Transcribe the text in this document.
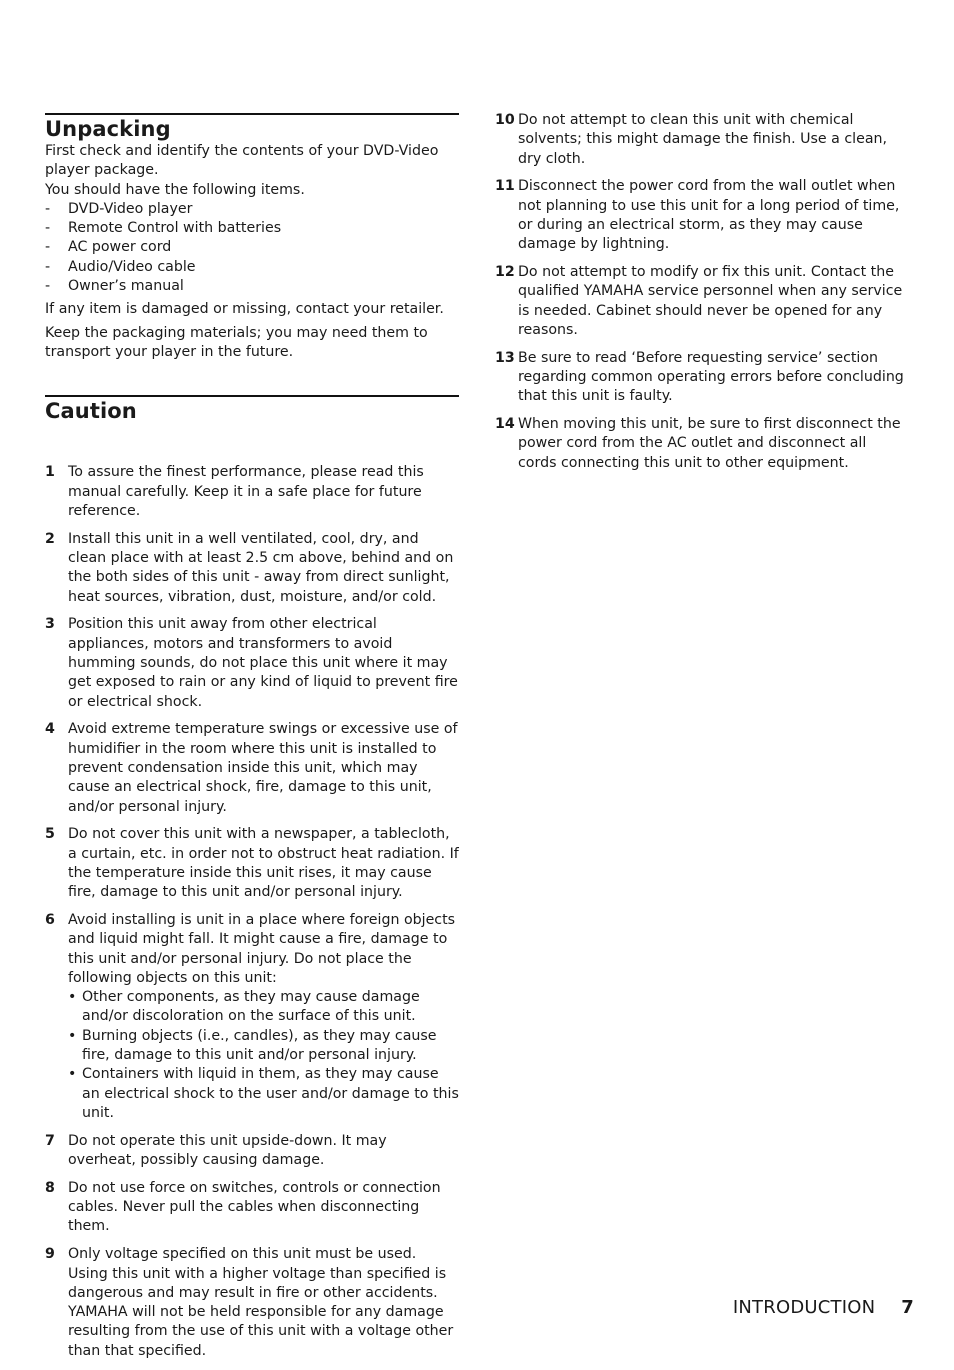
Unpacking

First check and identify the contents of your DVD-Video player package.

You should have the following items.

- DVD-Video player
- Remote Control with batteries
- AC power cord
- Audio/Video cable
- Owner’s manual

If any item is damaged or missing, contact your retailer.

Keep the packaging materials; you may need them to transport your player in the future.

Caution
1 To assure the finest performance, please read this manual carefully. Keep it in a safe place for future reference.
2 Install this unit in a well ventilated, cool, dry, and clean place with at least 2.5 cm above, behind and on the both sides of this unit - away from direct sunlight, heat sources, vibration, dust, moisture, and/or cold.
3 Position this unit away from other electrical appliances, motors and transformers to avoid humming sounds, do not place this unit where it may get exposed to rain or any kind of liquid to prevent fire or electrical shock.
4 Avoid extreme temperature swings or excessive use of humidifier in the room where this unit is installed to prevent condensation inside this unit, which may cause an electrical shock, fire, damage to this unit, and/or personal injury.
5 Do not cover this unit with a newspaper, a tablecloth, a curtain, etc. in order not to obstruct heat radiation. If the temperature inside this unit rises, it may cause fire, damage to this unit and/or personal injury.
6 Avoid installing is unit in a place where foreign objects and liquid might fall. It might cause a fire, damage to this unit and/or personal injury. Do not place the following objects on this unit:
• Other components, as they may cause damage and/or discoloration on the surface of this unit.
• Burning objects (i.e., candles), as they may cause fire, damage to this unit and/or personal injury.
• Containers with liquid in them, as they may cause an electrical shock to the user and/or damage to this unit.
7 Do not operate this unit upside-down. It may overheat, possibly causing damage.
8 Do not use force on switches, controls or connection cables. Never pull the cables when disconnecting them.
9 Only voltage specified on this unit must be used. Using this unit with a higher voltage than specified is dangerous and may result in fire or other accidents. YAMAHA will not be held responsible for any damage resulting from the use of this unit with a voltage other than that specified.
10 Do not attempt to clean this unit with chemical solvents; this might damage the finish. Use a clean, dry cloth.
11 Disconnect the power cord from the wall outlet when not planning to use this unit for a long period of time, or during an electrical storm, as they may cause damage by lightning.
12 Do not attempt to modify or fix this unit. Contact the qualified YAMAHA service personnel when any service is needed. Cabinet should never be opened for any reasons.
13 Be sure to read ‘Before requesting service’ section regarding common operating errors before concluding that this unit is faulty.
14 When moving this unit, be sure to first disconnect the power cord from the AC outlet and disconnect all cords connecting this unit to other equipment.
INTRODUCTION 7
